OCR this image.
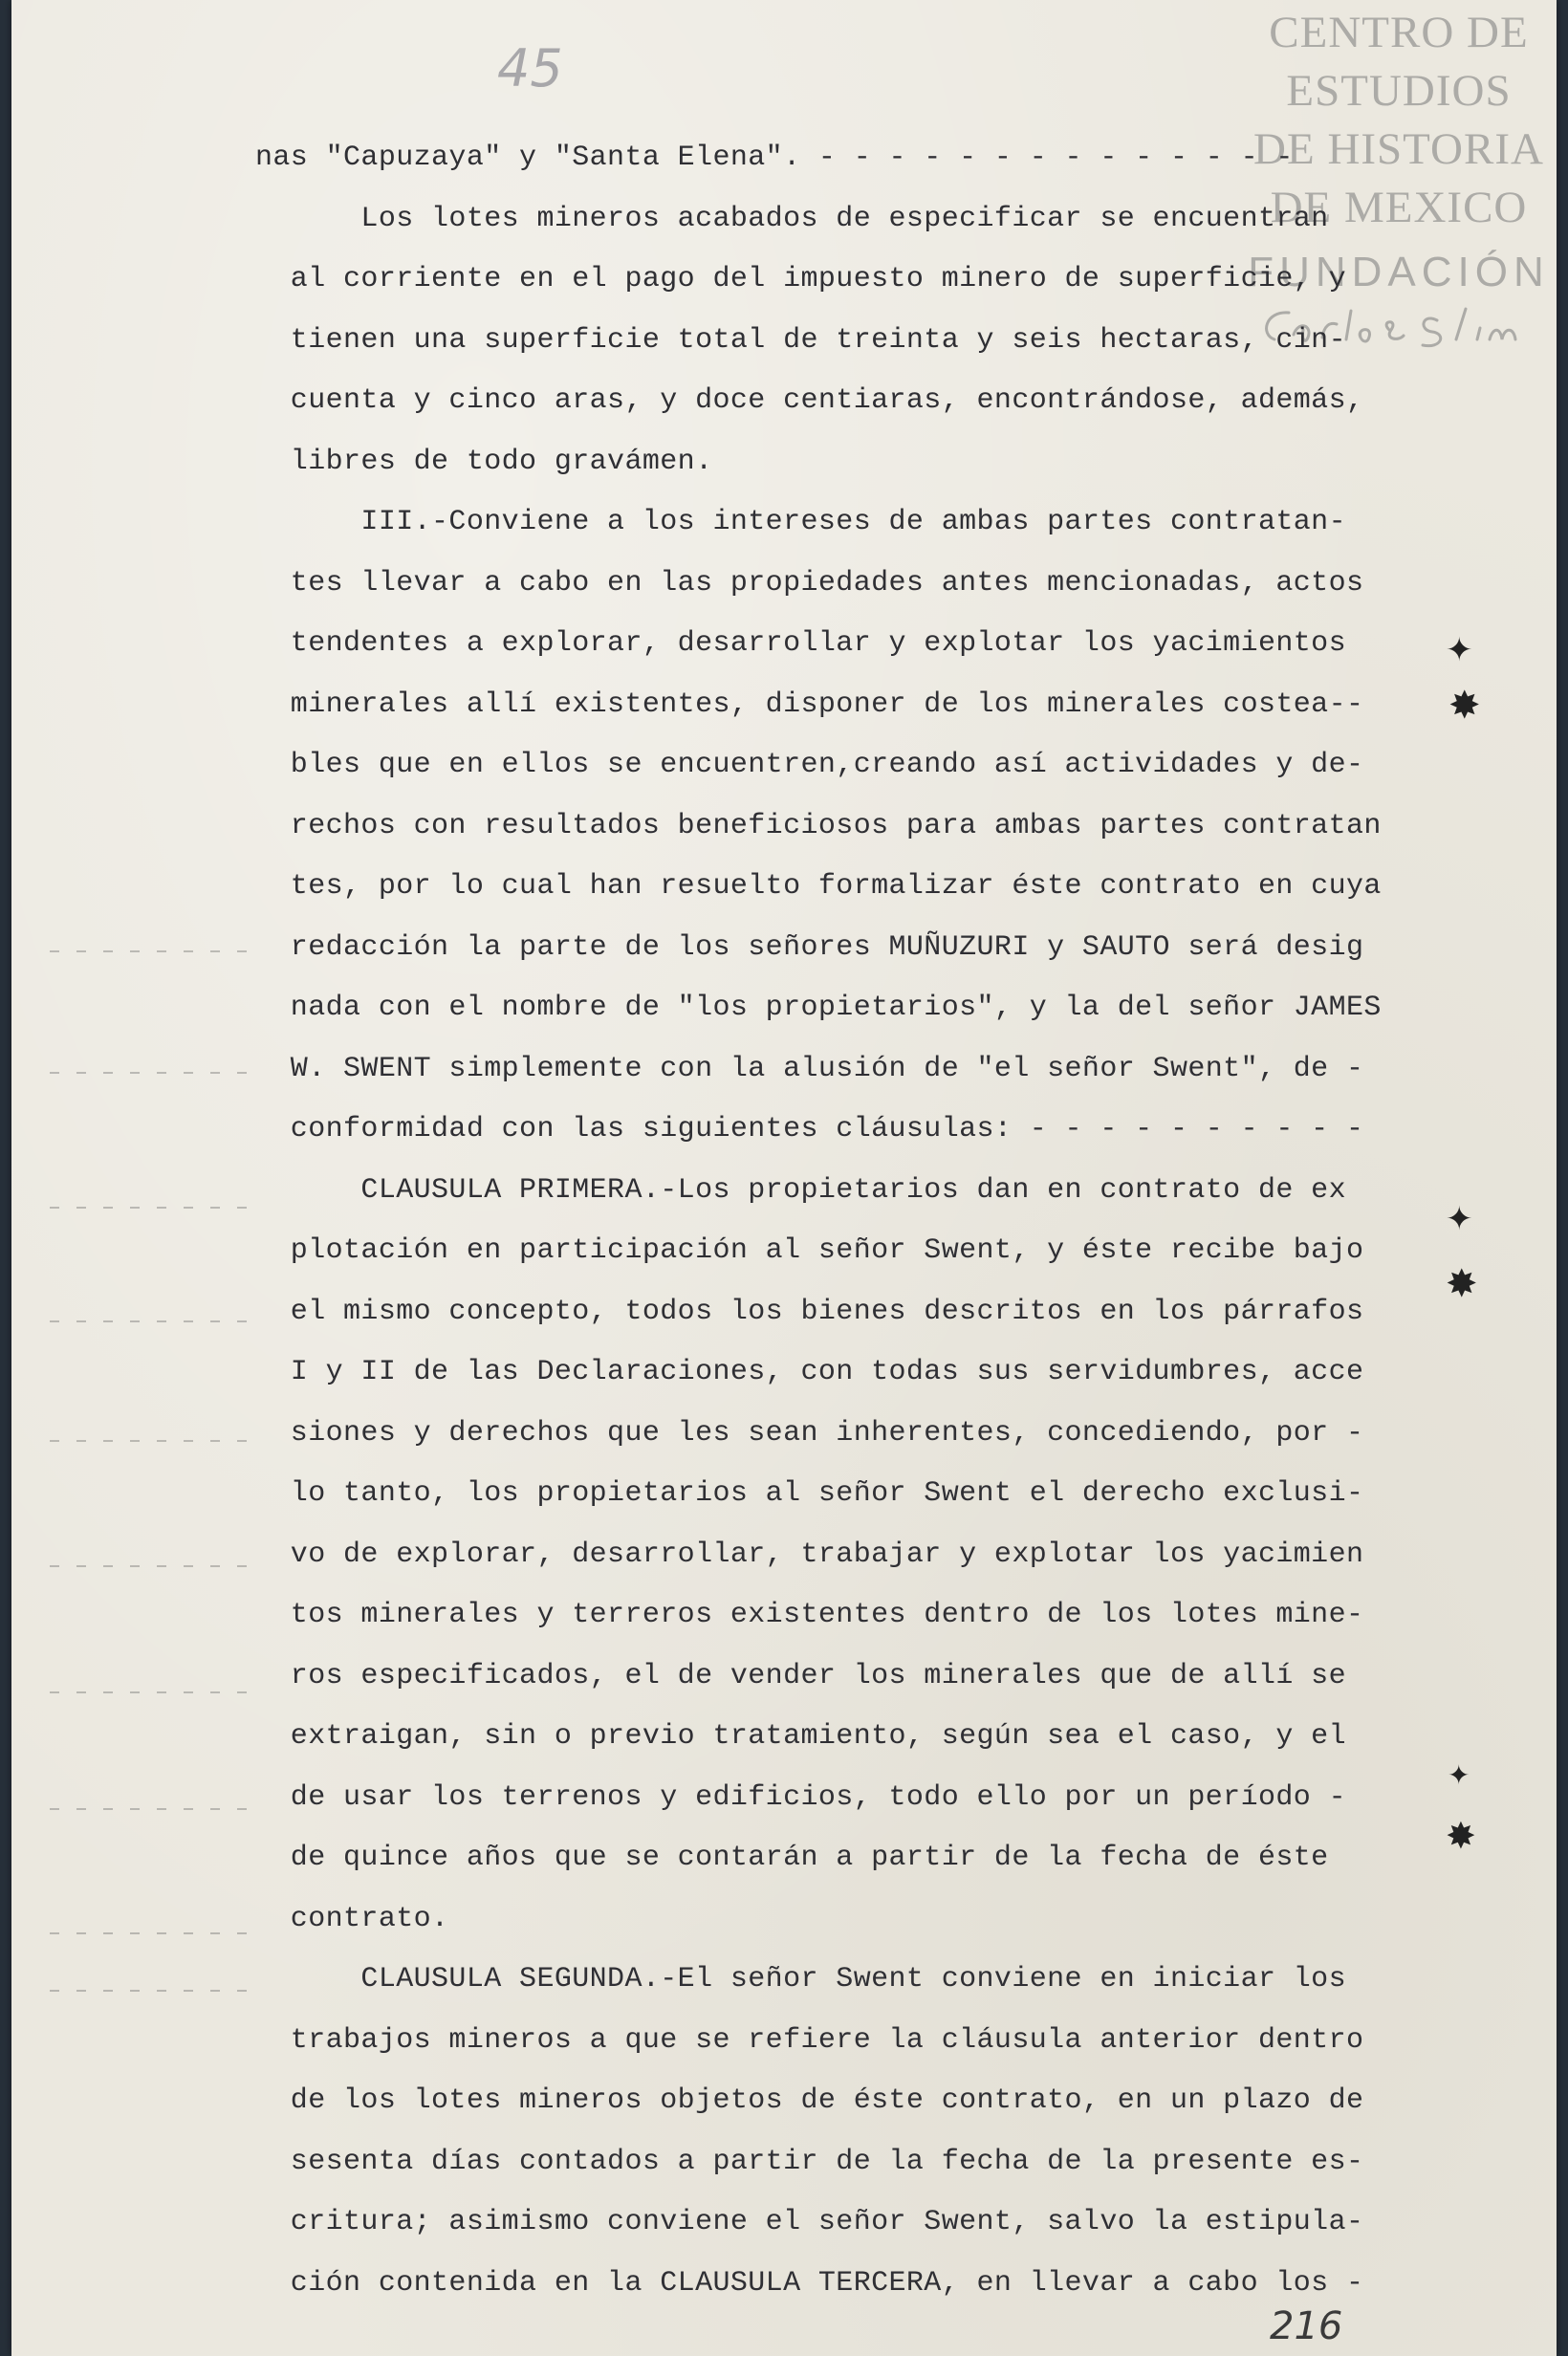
45
CENTRO DE
ESTUDIOS
DE HISTORIA
DE MEXICO
FUNDACIÓN
✦
✸
✦
✸
✦
✸

nas "Capuzaya" y "Santa Elena". - - - - - - - - - - - - - -

Los lotes mineros acabados de especificar se encuentran

al corriente en el pago del impuesto minero de superficie, y

tienen una superficie total de treinta y seis hectaras, cin-

cuenta y cinco aras, y doce centiaras, encontrándose, además,

libres de todo gravámen.

III.-Conviene a los intereses de ambas partes contratan-

tes llevar a cabo en las propiedades antes mencionadas, actos

tendentes a explorar, desarrollar y explotar los yacimientos

minerales allí existentes, disponer de los minerales costea--

bles que en ellos se encuentren,creando así actividades y de-

rechos con resultados beneficiosos para ambas partes contratan

tes, por lo cual han resuelto formalizar éste contrato en cuya

redacción la parte de los señores MUÑUZURI y SAUTO será desig

nada con el nombre de "los propietarios", y la del señor JAMES

W. SWENT simplemente con la alusión de "el señor Swent", de -

conformidad con las siguientes cláusulas: - - - - - - - - - -

CLAUSULA PRIMERA.-Los propietarios dan en contrato de ex

plotación en participación al señor Swent, y éste recibe bajo

el mismo concepto, todos los bienes descritos en los párrafos

I y II de las Declaraciones, con todas sus servidumbres, acce

siones y derechos que les sean inherentes, concediendo, por -

lo tanto, los propietarios al señor Swent el derecho exclusi-

vo de explorar, desarrollar, trabajar y explotar los yacimien

tos minerales y terreros existentes dentro de los lotes mine-

ros especificados, el de vender los minerales que de allí se

extraigan, sin o previo tratamiento, según sea el caso, y el

de usar los terrenos y edificios, todo ello por un período -

de quince años que se contarán a partir de la fecha de éste

contrato.

CLAUSULA SEGUNDA.-El señor Swent conviene en iniciar los

trabajos mineros a que se refiere la cláusula anterior dentro

de los lotes mineros objetos de éste contrato, en un plazo de

sesenta días contados a partir de la fecha de la presente es-

critura; asimismo conviene el señor Swent, salvo la estipula-

ción contenida en la CLAUSULA TERCERA, en llevar a cabo los -

216
